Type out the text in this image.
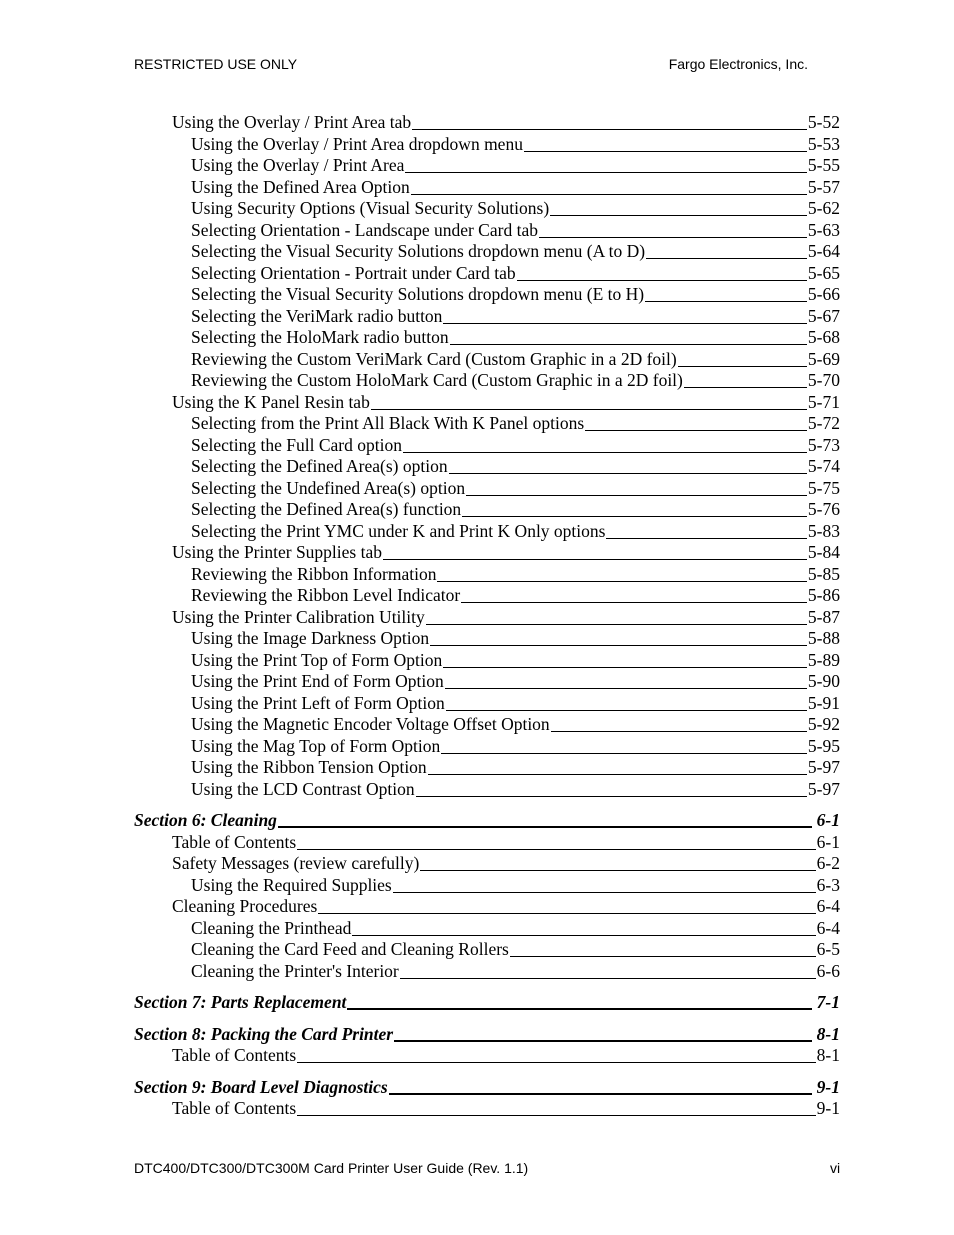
RESTRICTED USE ONLY	Fargo Electronics, Inc.
Using the Overlay / Print Area tab	5-52
Using the Overlay / Print Area dropdown menu	5-53
Using the Overlay / Print Area	5-55
Using the Defined Area Option	5-57
Using Security Options (Visual Security Solutions)	5-62
Selecting Orientation - Landscape under Card tab	5-63
Selecting the Visual Security Solutions dropdown menu (A to D)	5-64
Selecting Orientation - Portrait under Card tab	5-65
Selecting the Visual Security Solutions dropdown menu (E to H)	5-66
Selecting the VeriMark radio button	5-67
Selecting the HoloMark radio button	5-68
Reviewing the Custom VeriMark Card (Custom Graphic in a 2D foil)	5-69
Reviewing the Custom HoloMark Card (Custom Graphic in a 2D foil)	5-70
Using the K Panel Resin tab	5-71
Selecting from the Print All Black With K Panel options	5-72
Selecting the Full Card option	5-73
Selecting the Defined Area(s) option	5-74
Selecting the Undefined Area(s) option	5-75
Selecting the Defined Area(s) function	5-76
Selecting the Print YMC under K and Print K Only options	5-83
Using the Printer Supplies tab	5-84
Reviewing the Ribbon Information	5-85
Reviewing the Ribbon Level Indicator	5-86
Using the Printer Calibration Utility	5-87
Using the Image Darkness Option	5-88
Using the Print Top of Form Option	5-89
Using the Print End of Form Option	5-90
Using the Print Left of Form Option	5-91
Using the Magnetic Encoder Voltage Offset Option	5-92
Using the Mag Top of Form Option	5-95
Using the Ribbon Tension Option	5-97
Using the LCD Contrast Option	5-97
Section 6: Cleaning	6-1
Table of Contents	6-1
Safety Messages (review carefully)	6-2
Using the Required Supplies	6-3
Cleaning Procedures	6-4
Cleaning the Printhead	6-4
Cleaning the Card Feed and Cleaning Rollers	6-5
Cleaning the Printer's Interior	6-6
Section 7: Parts Replacement	7-1
Section 8: Packing the Card Printer	8-1
Table of Contents	8-1
Section 9: Board Level Diagnostics	9-1
Table of Contents	9-1
DTC400/DTC300/DTC300M Card Printer User Guide (Rev. 1.1)	vi
